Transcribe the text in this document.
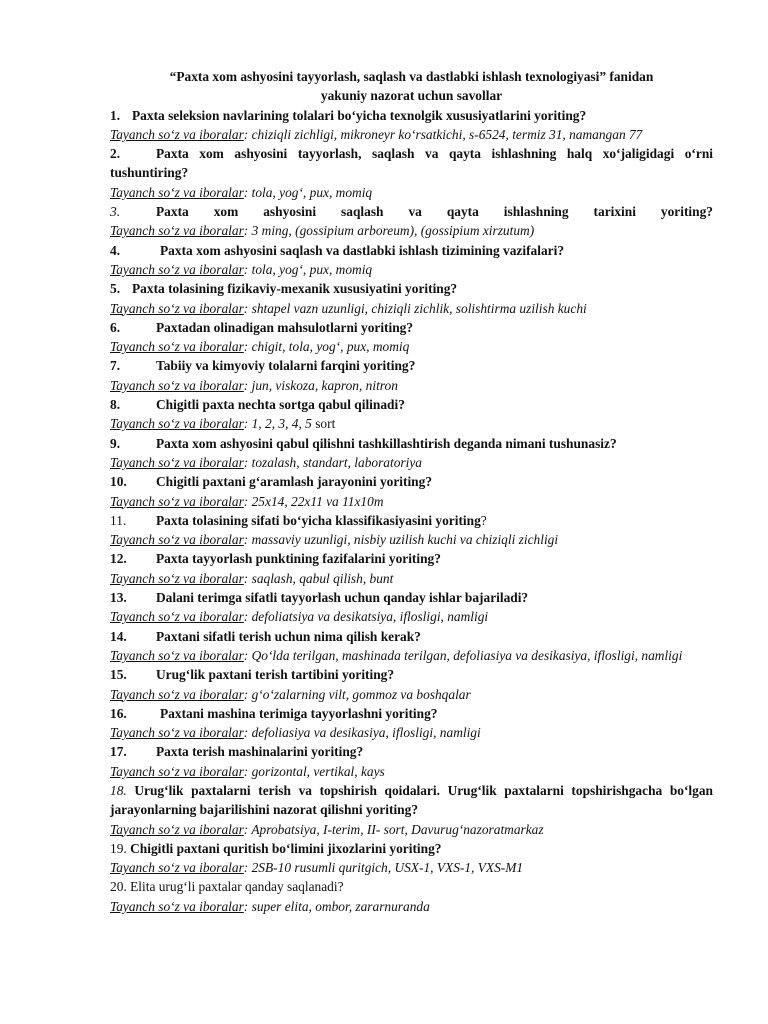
“Paxta xom ashyosini tayyorlash, saqlash va dastlabki ishlash texnologiyasi” fanidan
yakuniy nazorat uchun savollar

1. Paxta seleksion navlarining tolalari bo‘yicha texnolgik xususiyatlarini yoriting?

Tayanch so‘z va iboralar: chiziqli zichligi, mikroneyr ko‘rsatkichi, s-6524, termiz 31, namangan 77

2.	Paxta xom ashyosini tayyorlash, saqlash va qayta ishlashning halq xo‘jaligidagi o‘rni tushuntiring?

Tayanch so‘z va iboralar: tola, yog‘, pux, momiq

3.	Paxta xom ashyosini saqlash va qayta ishlashning tarixini yoriting?

Tayanch so‘z va iboralar: 3 ming, (gossipium arboreum), (gossipium xirzutum)

4.	Paxta xom ashyosini saqlash va dastlabki ishlash tizimining vazifalari?

Tayanch so‘z va iboralar: tola, yog‘, pux, momiq

5. Paxta tolasining fizikaviy-mexanik xususiyatini yoriting?

Tayanch so‘z va iboralar: shtapel vazn uzunligi, chiziqli zichlik, solishtirma uzilish kuchi

6.	Paxtadan olinadigan mahsulotlarni yoriting?

Tayanch so‘z va iboralar: chigit, tola, yog‘, pux, momiq

7.	Tabiiy va kimyoviy tolalarni farqini yoriting?

Tayanch so‘z va iboralar: jun, viskoza, kapron, nitron

8.	Chigitli paxta nechta sortga qabul qilinadi?

Tayanch so‘z va iboralar: 1, 2, 3, 4, 5 sort

9.	Paxta xom ashyosini qabul qilishni tashkillashtirish deganda nimani tushunasiz?

Tayanch so‘z va iboralar: tozalash, standart, laboratoriya

10. Chigitli paxtani g‘aramlash jarayonini yoriting?

Tayanch so‘z va iboralar: 25x14, 22x11 va 11x10m

11. Paxta tolasining sifati bo‘yicha klassifikasiyasini yoriting?

Tayanch so‘z va iboralar: massaviy uzunligi, nisbiy uzilish kuchi va chiziqli zichligi

12. Paxta tayyorlash punktining fazifalarini yoriting?

Tayanch so‘z va iboralar: saqlash, qabul qilish, bunt

13. Dalani terimga sifatli tayyorlash uchun qanday ishlar bajariladi?

Tayanch so‘z va iboralar: defoliatsiya va desikatsiya, iflosligi, namligi

14. Paxtani sifatli terish uchun nima qilish kerak?

Tayanch so‘z va iboralar: Qo‘lda terilgan, mashinada terilgan, defoliasiya va desikasiya, iflosligi, namligi

15. Urug‘lik paxtani terish tartibini yoriting?

Tayanch so‘z va iboralar: g‘o‘zalarning vilt, gommoz va boshqalar

16. Paxtani mashina terimiga tayyorlashni yoriting?

Tayanch so‘z va iboralar: defoliasiya va desikasiya, iflosligi, namligi

17. Paxta terish mashinalarini yoriting?

Tayanch so‘z va iboralar: gorizontal, vertikal, kays

18. Urug‘lik paxtalarni terish va topshirish qoidalari. Urug‘lik paxtalarni topshirishgacha bo‘lgan jarayonlarning bajarilishini nazorat qilishni yoriting?

Tayanch so‘z va iboralar: Aprobatsiya, I-terim, II- sort, Davurug‘nazoratmarkaz

19. Chigitli paxtani quritish bo‘limini jixozlarini yoriting?

Tayanch so‘z va iboralar: 2SB-10 rusumli quritgich, USX-1, VXS-1, VXS-M1

20. Elita urug‘li paxtalar qanday saqlanadi?

Tayanch so‘z va iboralar: super elita, ombor, zararnuranda
